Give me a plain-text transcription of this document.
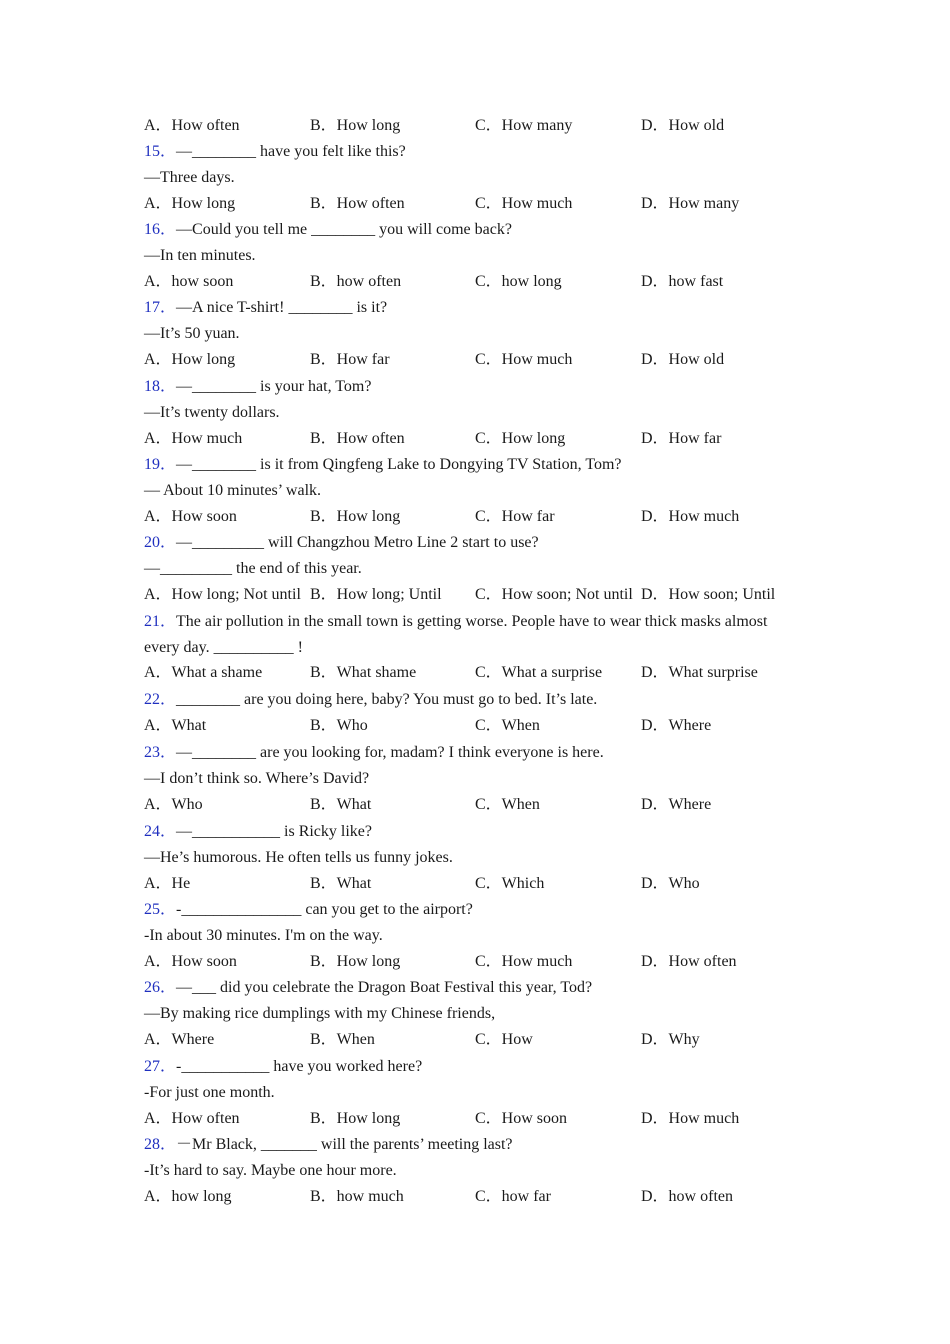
A．How often	B．How long	C．How many	D．How old
15．—________ have you felt like this?
—Three days.
A．How long	B．How often	C．How much	D．How many
16．—Could you tell me ________ you will come back?
—In ten minutes.
A．how soon	B．how often	C．how long	D．how fast
17．—A nice T-shirt! ________ is it?
—It’s 50 yuan.
A．How long	B．How far	C．How much	D．How old
18．—________ is your hat, Tom?
—It’s twenty dollars.
A．How much	B．How often	C．How long	D．How far
19．—________ is it from Qingfeng Lake to Dongying TV Station, Tom?
— About 10 minutes’ walk.
A．How soon	B．How long	C．How far	D．How much
20．—_________ will Changzhou Metro Line 2 start to use?
—_________ the end of this year.
A．How long; Not until B．How long; Until C．How soon; Not until D．How soon; Until
21．The air pollution in the small town is getting worse. People have to wear thick masks almost every day. __________ !
A．What a shame	B．What shame	C．What a surprise D．What surprise
22．________ are you doing here, baby? You must go to bed. It’s late.
A．What	B．Who	C．When	D．Where
23．—________ are you looking for, madam? I think everyone is here.
—I don’t think so. Where’s David?
A．Who	B．What	C．When	D．Where
24．—___________ is Ricky like?
—He’s humorous. He often tells us funny jokes.
A．He	B．What	C．Which	D．Who
25．-_______________ can you get to the airport?
-In about 30 minutes. I'm on the way.
A．How soon	B．How long	C．How much	D．How often
26．—___ did you celebrate the Dragon Boat Festival this year, Tod?
—By making rice dumplings with my Chinese friends,
A．Where	B．When	C．How	D．Why
27．-___________ have you worked here?
-For just one month.
A．How often	B．How long	C．How soon	D．How much
28．－Mr Black, _______ will the parents’ meeting last?
-It’s hard to say. Maybe one hour more.
A．how long	B．how much	C．how far	D．how often
